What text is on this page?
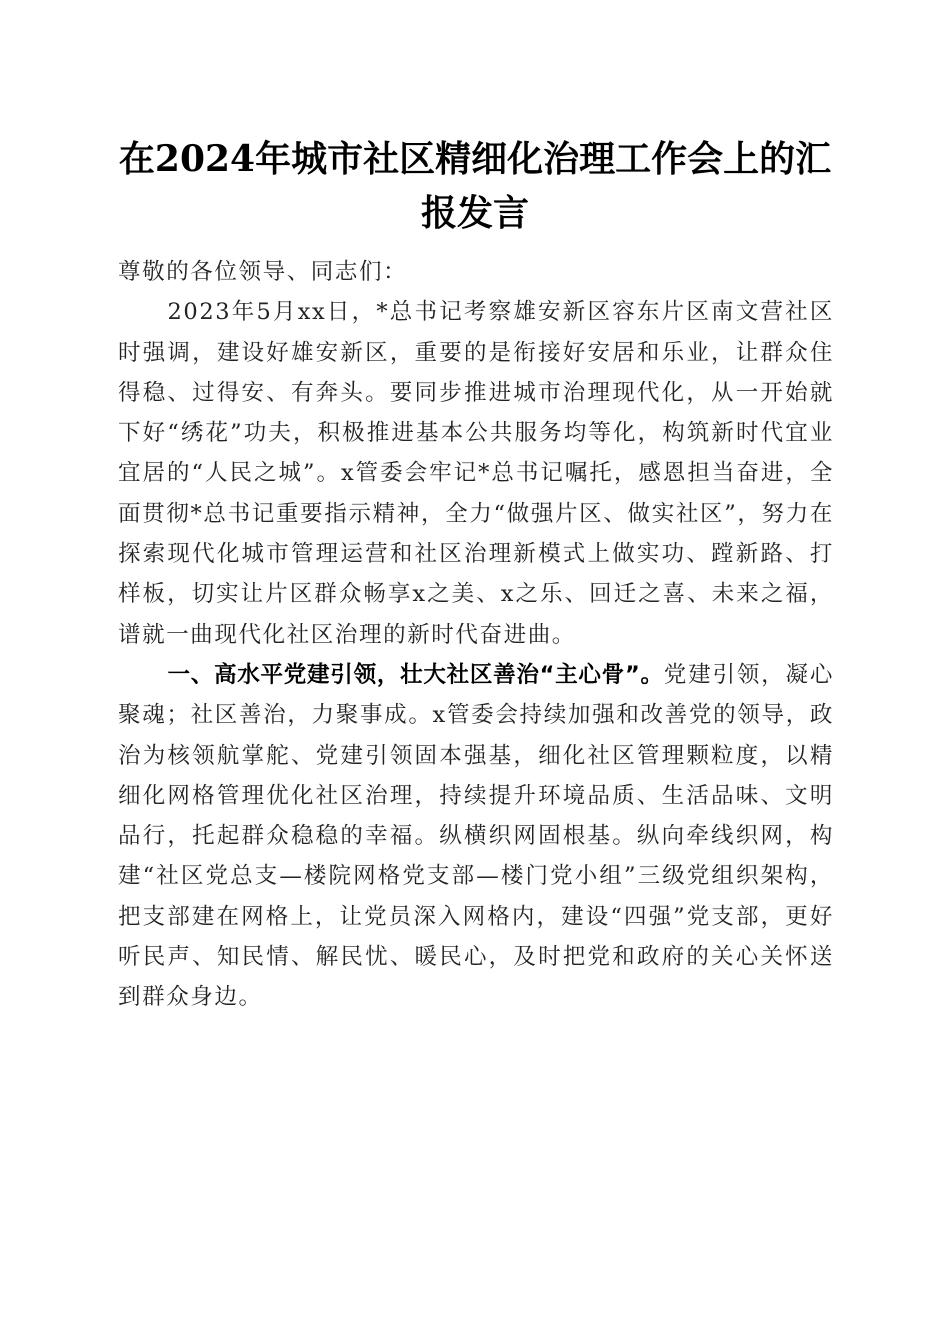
在2024年城市社区精细化治理工作会上的汇报发言

尊敬的各位领导、同志们：

2023年5月xx日，*总书记考察雄安新区容东片区南文营社区时强调，建设好雄安新区，重要的是衔接好安居和乐业，让群众住得稳、过得安、有奔头。要同步推进城市治理现代化，从一开始就下好“绣花”功夫，积极推进基本公共服务均等化，构筑新时代宜业宜居的“人民之城”。x管委会牢记*总书记嘱托，感恩担当奋进，全面贯彻*总书记重要指示精神，全力“做强片区、做实社区”，努力在探索现代化城市管理运营和社区治理新模式上做实功、蹚新路、打样板，切实让片区群众畅享x之美、x之乐、回迁之喜、未来之福，谱就一曲现代化社区治理的新时代奋进曲。

一、高水平党建引领，壮大社区善治“主心骨”。党建引领，凝心聚魂；社区善治，力聚事成。x管委会持续加强和改善党的领导，政治为核领航掌舵、党建引领固本强基，细化社区管理颗粒度，以精细化网格管理优化社区治理，持续提升环境品质、生活品味、文明品行，托起群众稳稳的幸福。纵横织网固根基。纵向牵线织网，构建“社区党总支—楼院网格党支部—楼门党小组”三级党组织架构，把支部建在网格上，让党员深入网格内，建设“四强”党支部，更好听民声、知民情、解民忧、暖民心，及时把党和政府的关心关怀送到群众身边。
